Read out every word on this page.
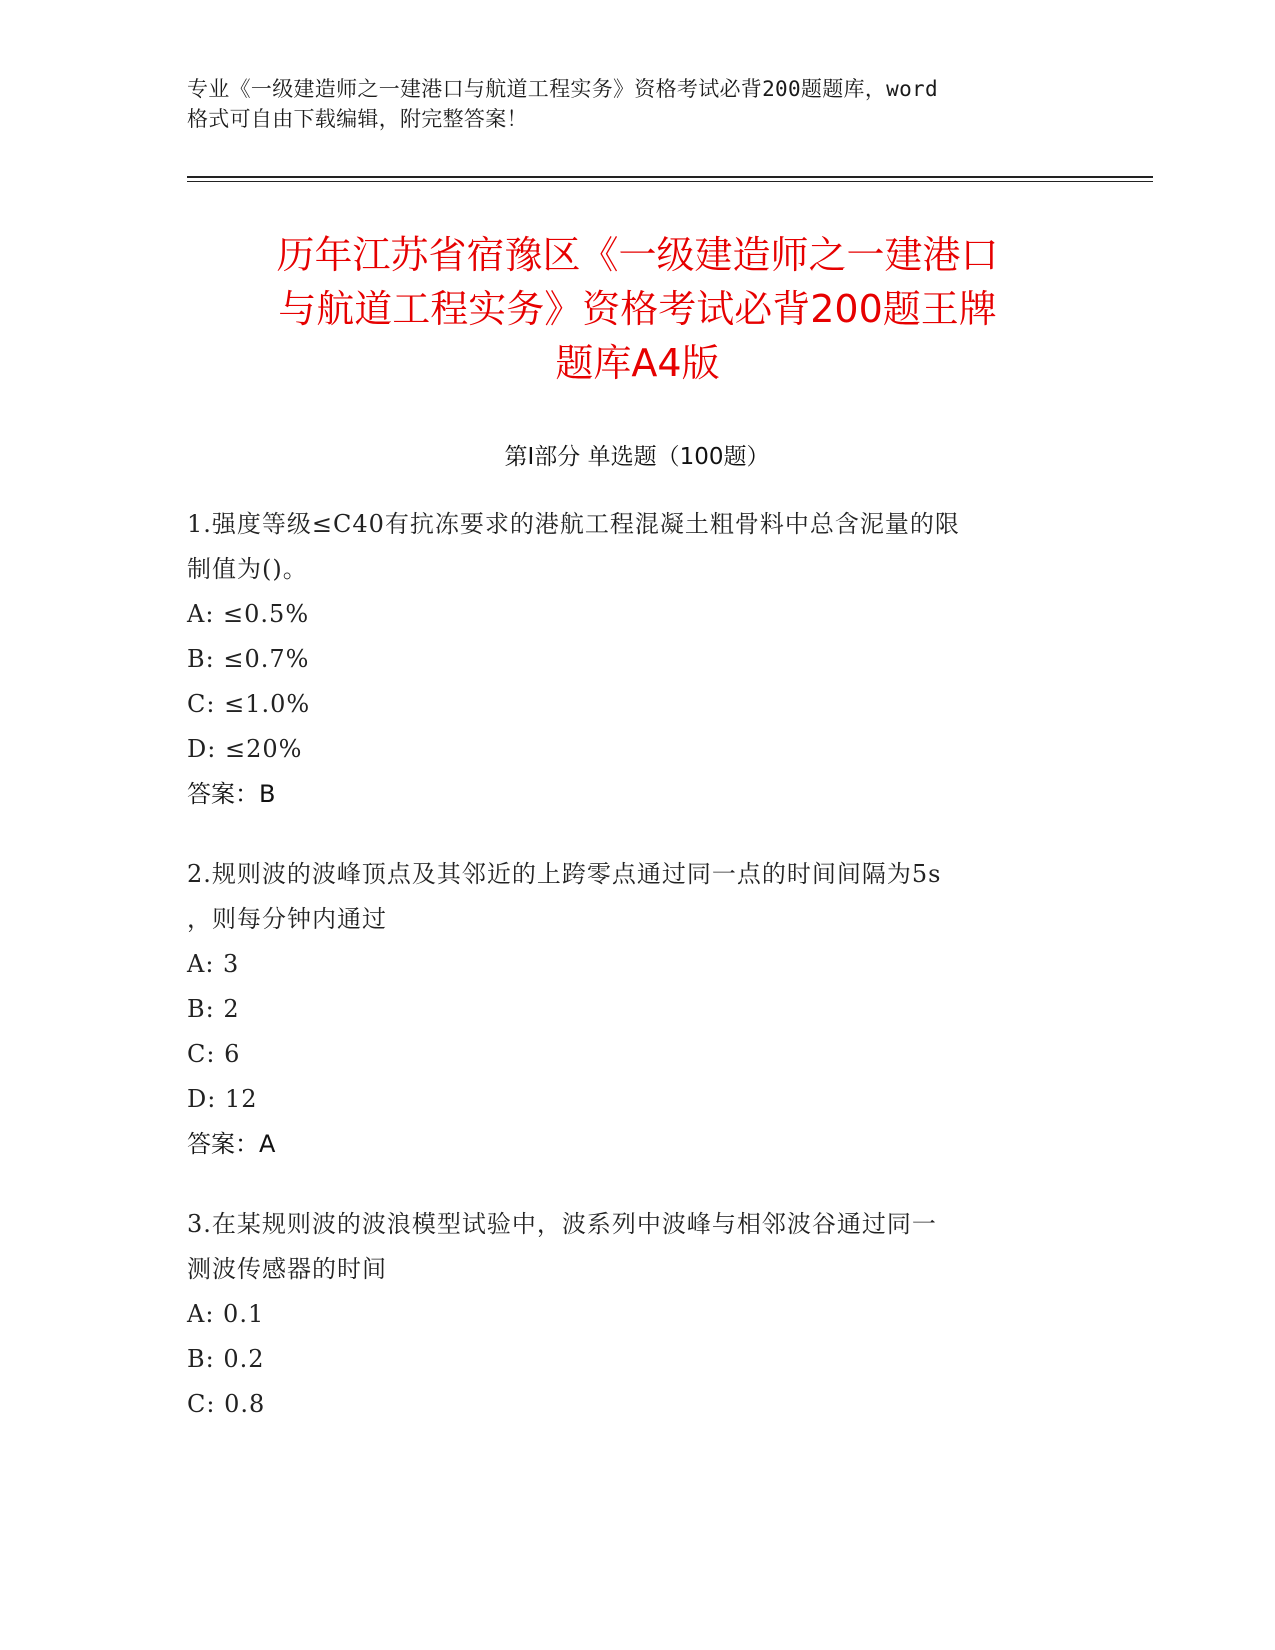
专业《一级建造师之一建港口与航道工程实务》资格考试必背200题题库，word
格式可自由下载编辑，附完整答案！
历年江苏省宿豫区《一级建造师之一建港口
与航道工程实务》资格考试必背200题王牌
题库A4版
第Ⅰ部分 单选题（100题）

1.强度等级≤C40有抗冻要求的港航工程混凝土粗骨料中总含泥量的限

制值为()。

A: ≤0.5%
B: ≤0.7%
C: ≤1.0%
D: ≤20%
答案：B

2.规则波的波峰顶点及其邻近的上跨零点通过同一点的时间间隔为5s

，则每分钟内通过

A: 3
B: 2
C: 6
D: 12
答案：A

3.在某规则波的波浪模型试验中，波系列中波峰与相邻波谷通过同一

测波传感器的时间

A: 0.1
B: 0.2
C: 0.8
